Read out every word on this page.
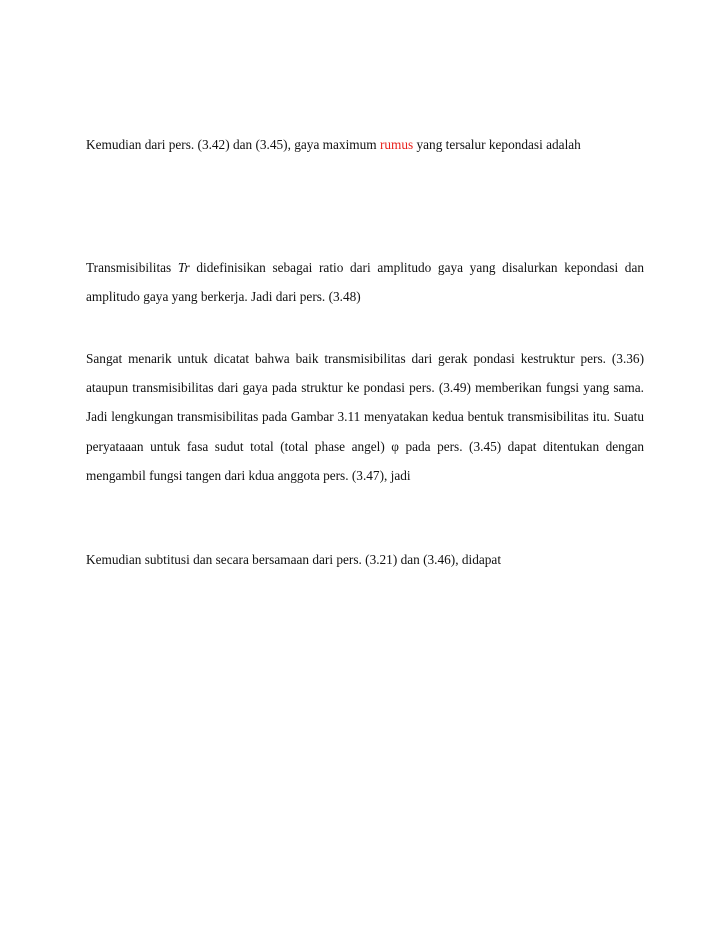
Kemudian dari pers. (3.42) dan (3.45), gaya maximum rumus yang tersalur kepondasi adalah

Transmisibilitas Tr didefinisikan sebagai ratio dari amplitudo gaya yang disalurkan kepondasi dan amplitudo gaya yang berkerja. Jadi dari pers. (3.48)

Sangat menarik untuk dicatat bahwa baik transmisibilitas dari gerak pondasi kestruktur pers. (3.36) ataupun transmisibilitas dari gaya pada struktur ke pondasi pers. (3.49) memberikan fungsi yang sama. Jadi lengkungan transmisibilitas pada Gambar 3.11 menyatakan kedua bentuk transmisibilitas itu. Suatu peryataaan untuk fasa sudut total (total phase angel) φ pada pers. (3.45) dapat ditentukan dengan mengambil fungsi tangen dari kdua anggota pers. (3.47), jadi

Kemudian subtitusi dan secara bersamaan dari pers. (3.21) dan (3.46), didapat
